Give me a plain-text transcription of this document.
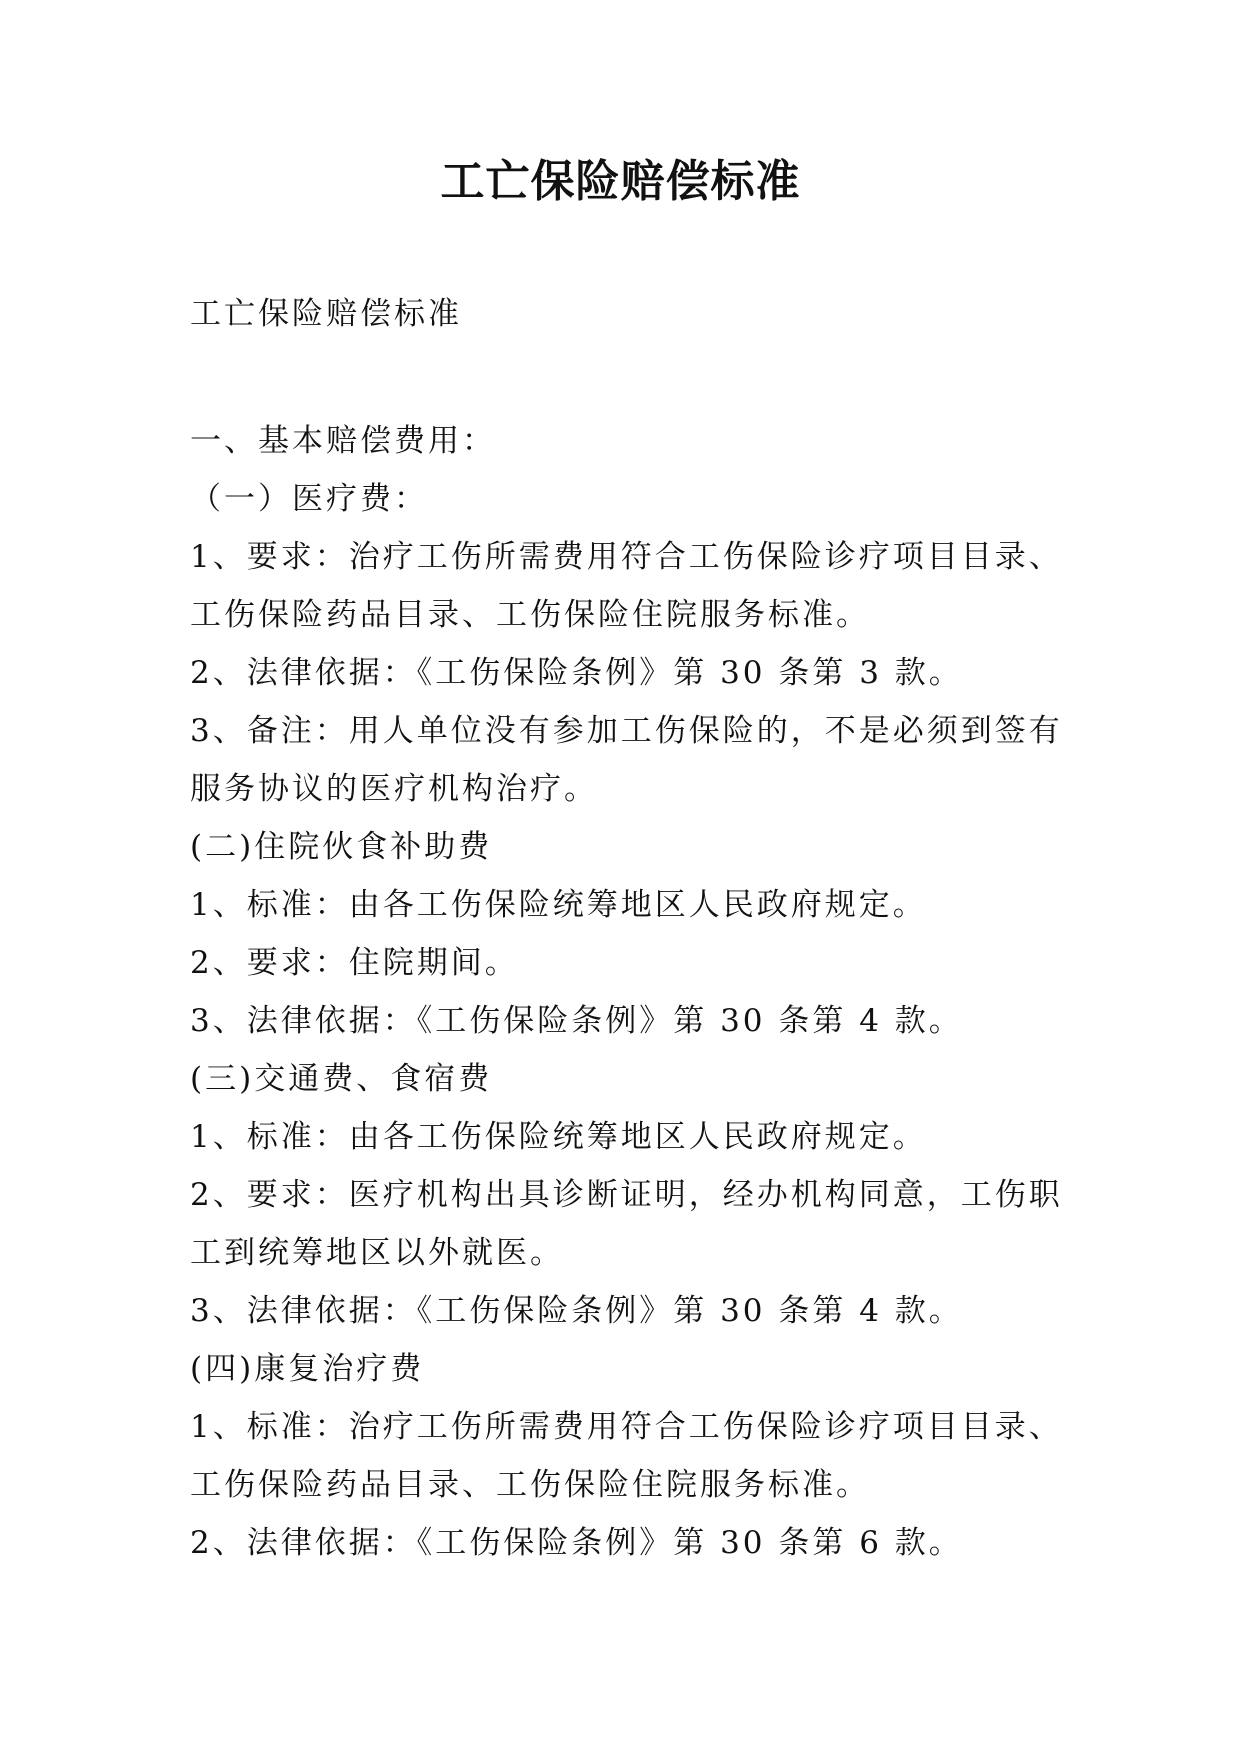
工亡保险赔偿标准
工亡保险赔偿标准
一、基本赔偿费用：
（一）医疗费：
1、要求：治疗工伤所需费用符合工伤保险诊疗项目目录、
工伤保险药品目录、工伤保险住院服务标准。
2、法律依据：《工伤保险条例》第 30 条第 3 款。
3、备注：用人单位没有参加工伤保险的，不是必须到签有
服务协议的医疗机构治疗。
(二)住院伙食补助费
1、标准：由各工伤保险统筹地区人民政府规定。
2、要求：住院期间。
3、法律依据：《工伤保险条例》第 30 条第 4 款。
(三)交通费、食宿费
1、标准：由各工伤保险统筹地区人民政府规定。
2、要求：医疗机构出具诊断证明，经办机构同意，工伤职
工到统筹地区以外就医。
3、法律依据：《工伤保险条例》第 30 条第 4 款。
(四)康复治疗费
1、标准：治疗工伤所需费用符合工伤保险诊疗项目目录、
工伤保险药品目录、工伤保险住院服务标准。
2、法律依据：《工伤保险条例》第 30 条第 6 款。
